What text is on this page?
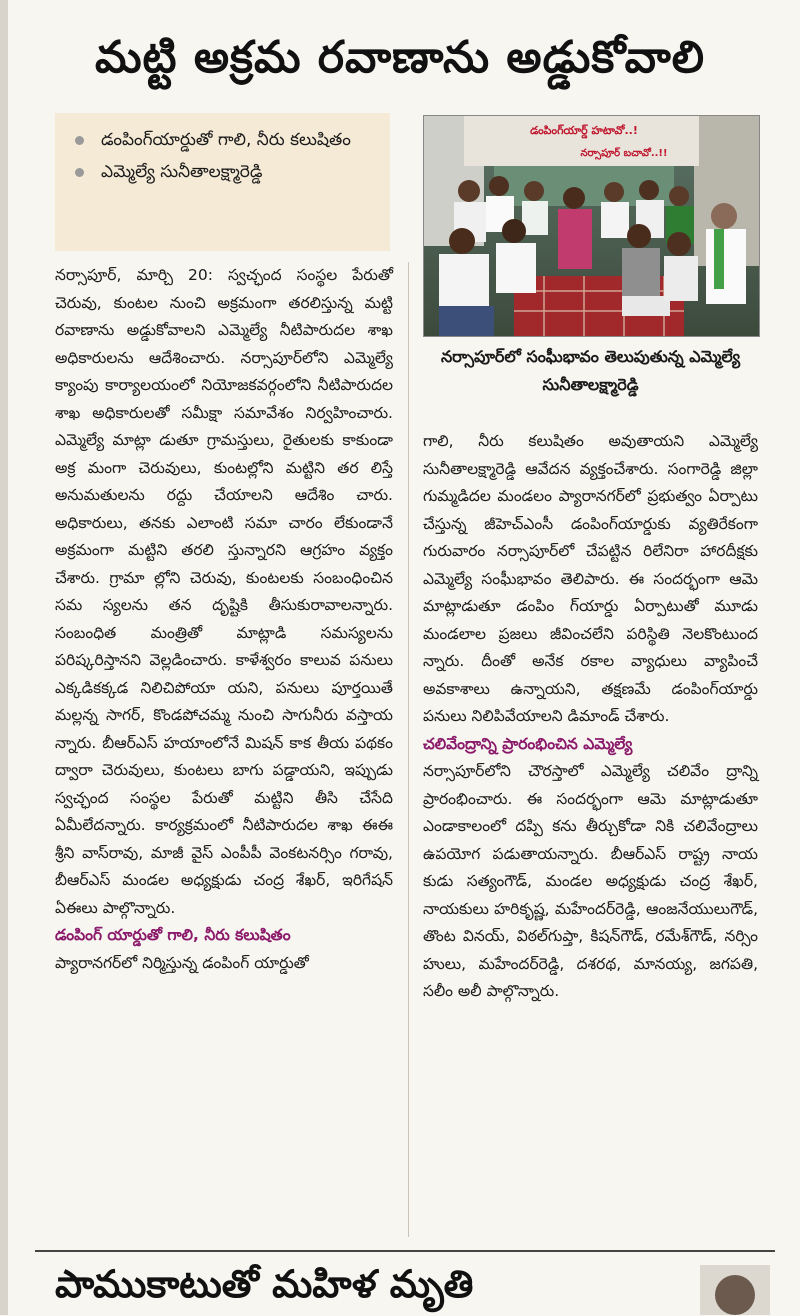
మట్టి అక్రమ రవాణాను అడ్డుకోవాలి
డంపింగ్‌యార్డుతో గాలి, నీరు కలుషితం
ఎమ్మెల్యే సునీతాలక్ష్మారెడ్డి
డంపింగ్‌యార్డ్ హటావో..!
నర్సాపూర్‌ బచావో..!!
నర్సాపూర్‌లో సంఘీభావం తెలుపుతున్న ఎమ్మెల్యే సునీతాలక్ష్మారెడ్డి

నర్సాపూర్, మార్చి 20: స్వచ్ఛంద సంస్థల పేరుతో చెరువు, కుంటల నుంచి అక్రమంగా తరలిస్తున్న మట్టి రవాణాను అడ్డుకోవాలని ఎమ్మెల్యే నీటిపారుదల శాఖ అధికారులను ఆదేశించారు. నర్సాపూర్‌లోని ఎమ్మెల్యే క్యాంపు కార్యాలయంలో నియోజకవర్గంలోని నీటిపారుదల శాఖ అధికారులతో సమీక్షా సమావేశం నిర్వహించారు. ఎమ్మెల్యే మాట్లా డుతూ గ్రామస్తులు, రైతులకు కాకుండా అక్ర మంగా చెరువులు, కుంటల్లోని మట్టిని తర లిస్తే అనుమతులను రద్దు చేయాలని ఆదేశిం చారు. అధికారులు, తనకు ఎలాంటి సమా చారం లేకుండానే అక్రమంగా మట్టిని తరలి స్తున్నారని ఆగ్రహం వ్యక్తం చేశారు. గ్రామా ల్లోని చెరువు, కుంటలకు సంబంధించిన సమ స్యలను తన దృష్టికి తీసుకురావాలన్నారు. సంబంధిత మంత్రితో మాట్లాడి సమస్యలను పరిష్కరిస్తానని వెల్లడించారు. కాళేశ్వరం కాలువ పనులు ఎక్కడికక్కడ నిలిచిపోయా యని, పనులు పూర్తయితే మల్లన్న సాగర్, కొండపోచమ్మ నుంచి సాగునీరు వస్తాయ న్నారు. బీఆర్ఎస్ హయాంలోనే మిషన్ కాక తీయ పథకం ద్వారా చెరువులు, కుంటలు బాగు పడ్డాయని, ఇప్పుడు స్వచ్ఛంద సంస్థల పేరుతో మట్టిని తీసి చేసేది ఏమీలేదన్నారు. కార్యక్రమంలో నీటిపారుదల శాఖ ఈఈ శ్రీని వాస్‌రావు, మాజీ వైస్ ఎంపీపీ వెంకటనర్సిం గరావు, బీఆర్ఎస్ మండల అధ్యక్షుడు చంద్ర శేఖర్, ఇరిగేషన్ ఏఈలు పాల్గొన్నారు.

డంపింగ్ యార్డుతో గాలి, నీరు కలుషితం

ప్యారానగర్‌లో నిర్మిస్తున్న డంపింగ్ యార్డుతో

గాలి, నీరు కలుషితం అవుతాయని ఎమ్మెల్యే సునీతాలక్ష్మారెడ్డి ఆవేదన వ్యక్తంచేశారు. సంగారెడ్డి జిల్లా గుమ్మడిదల మండలం ప్యారానగర్‌లో ప్రభుత్వం ఏర్పాటు చేస్తున్న జీహెచ్ఎంసీ డంపింగ్‌యార్డుకు వ్యతిరేకంగా గురువారం నర్సాపూర్‌లో చేపట్టిన రిలేనిరా హారదీక్షకు ఎమ్మెల్యే సంఘీభావం తెలిపారు. ఈ సందర్భంగా ఆమె మాట్లాడుతూ డంపిం గ్‌యార్డు ఏర్పాటుతో మూడు మండలాల ప్రజలు జీవించలేని పరిస్థితి నెలకొంటుంద న్నారు. దీంతో అనేక రకాల వ్యాధులు వ్యాపించే అవకాశాలు ఉన్నాయని, తక్షణమే డంపింగ్‌యార్డు పనులు నిలిపివేయాలని డిమాండ్ చేశారు.

చలివేంద్రాన్ని ప్రారంభించిన ఎమ్మెల్యే

నర్సాపూర్‌లోని చౌరస్తాలో ఎమ్మెల్యే చలివేం ద్రాన్ని ప్రారంభించారు. ఈ సందర్భంగా ఆమె మాట్లాడుతూ ఎండాకాలంలో దప్పి కను తీర్చుకోడా నికి చలివేంద్రాలు ఉపయోగ పడుతాయన్నారు. బీఆర్ఎస్ రాష్ట్ర నాయ కుడు సత్యంగౌడ్, మండల అధ్యక్షుడు చంద్ర శేఖర్, నాయకులు హరికృష్ణ, మహేందర్‌రెడ్డి, ఆంజనేయులుగౌడ్, తొంట వినయ్, విఠల్‌గుప్తా, కిషన్‌గౌడ్, రమేశ్‌గౌడ్, నర్సిం హులు, మహేందర్‌రెడ్డి, దశరథ, మానయ్య, జగపతి, సలీం అలీ పాల్గొన్నారు.

పాముకాటుతో మహిళ మృతి
